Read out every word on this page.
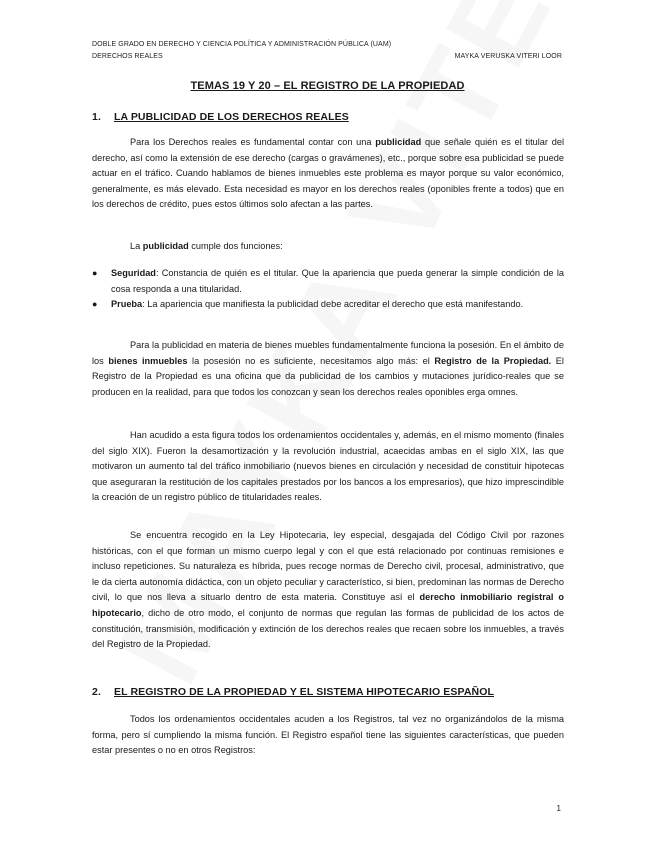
DOBLE GRADO EN DERECHO Y CIENCIA POLÍTICA Y ADMINISTRACIÓN PÚBLICA (UAM)
DERECHOS REALES	MAYKA VERUSKA VITERI LOOR
TEMAS 19 Y 20 – EL REGISTRO DE LA PROPIEDAD
1. LA PUBLICIDAD DE LOS DERECHOS REALES

Para los Derechos reales es fundamental contar con una publicidad que señale quién es el titular del derecho, así como la extensión de ese derecho (cargas o gravámenes), etc., porque sobre esa publicidad se puede actuar en el tráfico. Cuando hablamos de bienes inmuebles este problema es mayor porque su valor económico, generalmente, es más elevado. Esta necesidad es mayor en los derechos reales (oponibles frente a todos) que en los derechos de crédito, pues estos últimos solo afectan a las partes.

La publicidad cumple dos funciones:

● Seguridad: Constancia de quién es el titular. Que la apariencia que pueda generar la simple condición de la cosa responda a una titularidad.
● Prueba: La apariencia que manifiesta la publicidad debe acreditar el derecho que está manifestando.

Para la publicidad en materia de bienes muebles fundamentalmente funciona la posesión. En el ámbito de los bienes inmuebles la posesión no es suficiente, necesitamos algo más: el Registro de la Propiedad. El Registro de la Propiedad es una oficina que da publicidad de los cambios y mutaciones jurídico-reales que se producen en la realidad, para que todos los conozcan y sean los derechos reales oponibles erga omnes.

Han acudido a esta figura todos los ordenamientos occidentales y, además, en el mismo momento (finales del siglo XIX). Fueron la desamortización y la revolución industrial, acaecidas ambas en el siglo XIX, las que motivaron un aumento tal del tráfico inmobiliario (nuevos bienes en circulación y necesidad de constituir hipotecas que aseguraran la restitución de los capitales prestados por los bancos a los empresarios), que hizo imprescindible la creación de un registro público de titularidades reales.

Se encuentra recogido en la Ley Hipotecaria, ley especial, desgajada del Código Civil por razones históricas, con el que forman un mismo cuerpo legal y con el que está relacionado por continuas remisiones e incluso repeticiones. Su naturaleza es híbrida, pues recoge normas de Derecho civil, procesal, administrativo, que le da cierta autonomía didáctica, con un objeto peculiar y característico, si bien, predominan las normas de Derecho civil, lo que nos lleva a situarlo dentro de esta materia. Constituye así el derecho inmobiliario registral o hipotecario, dicho de otro modo, el conjunto de normas que regulan las formas de publicidad de los actos de constitución, transmisión, modificación y extinción de los derechos reales que recaen sobre los inmuebles, a través del Registro de la Propiedad.

2. EL REGISTRO DE LA PROPIEDAD Y EL SISTEMA HIPOTECARIO ESPAÑOL

Todos los ordenamientos occidentales acuden a los Registros, tal vez no organizándolos de la misma forma, pero sí cumpliendo la misma función. El Registro español tiene las siguientes características, que pueden estar presentes o no en otros Registros:

1
